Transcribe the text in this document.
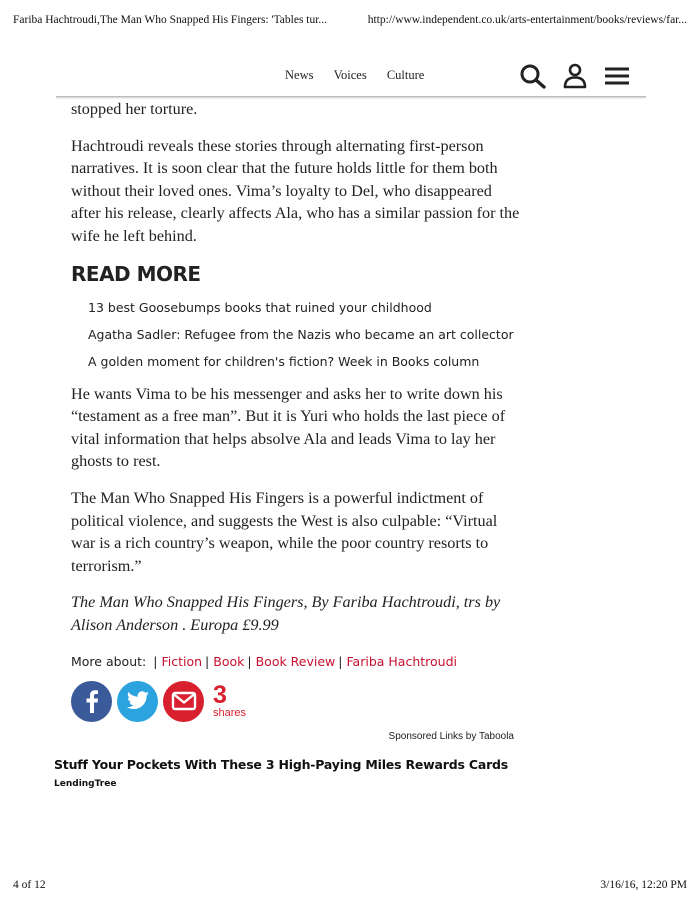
Fariba Hachtroudi,The Man Who Snapped His Fingers: 'Tables tur...	http://www.independent.co.uk/arts-entertainment/books/reviews/far...
News Voices Culture

stopped her torture.

Hachtroudi reveals these stories through alternating first-person narratives. It is soon clear that the future holds little for them both without their loved ones. Vima’s loyalty to Del, who disappeared after his release, clearly affects Ala, who has a similar passion for the wife he left behind.

READ MORE
13 best Goosebumps books that ruined your childhood
Agatha Sadler: Refugee from the Nazis who became an art collector
A golden moment for children's fiction? Week in Books column

He wants Vima to be his messenger and asks her to write down his “testament as a free man”. But it is Yuri who holds the last piece of vital information that helps absolve Ala and leads Vima to lay her ghosts to rest.

The Man Who Snapped His Fingers is a powerful indictment of political violence, and suggests the West is also culpable: “Virtual war is a rich country’s weapon, while the poor country resorts to terrorism.”

The Man Who Snapped His Fingers, By Fariba Hachtroudi, trs by Alison Anderson . Europa £9.99

More about: | Fiction | Book | Book Review | Fariba Hachtroudi
3
shares
Sponsored Links by Taboola
Stuff Your Pockets With These 3 High-Paying Miles Rewards Cards
LendingTree
4 of 12	3/16/16, 12:20 PM
